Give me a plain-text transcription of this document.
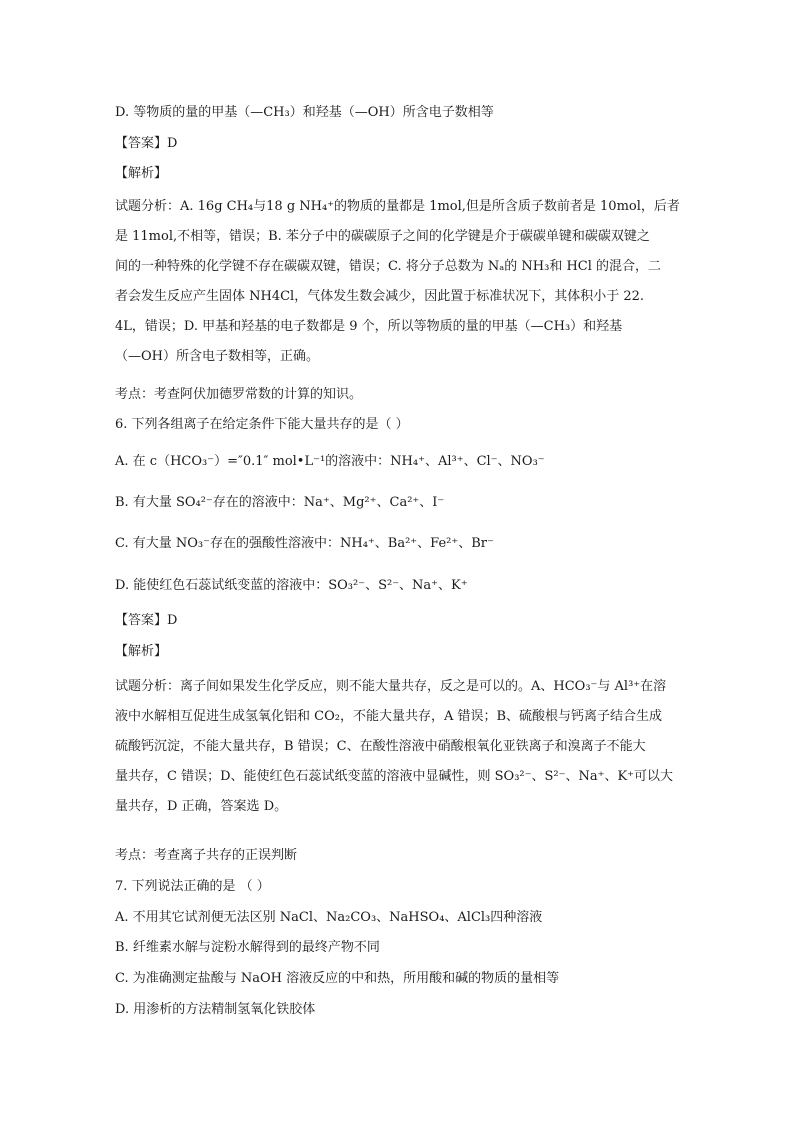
D. 等物质的量的甲基（—CH₃）和羟基（—OH）所含电子数相等
【答案】D
【解析】
试题分析：A. 16g CH₄与18 g NH₄⁺的物质的量都是 1mol,但是所含质子数前者是 10mol，后者
是 11mol,不相等，错误；B. 苯分子中的碳碳原子之间的化学键是介于碳碳单键和碳碳双键之
间的一种特殊的化学键不存在碳碳双键，错误；C. 将分子总数为 Nₐ的 NH₃和 HCl 的混合，二
者会发生反应产生固体 NH4Cl，气体发生数会减少，因此置于标准状况下，其体积小于 22.
4L，错误；D. 甲基和羟基的电子数都是 9 个，所以等物质的量的甲基（—CH₃）和羟基
（—OH）所含电子数相等，正确。
考点：考查阿伏加德罗常数的计算的知识。
6. 下列各组离子在给定条件下能大量共存的是（ ）
A. 在 c（HCO₃⁻）=″0.1″ mol•L⁻¹的溶液中：NH₄⁺、Al³⁺、Cl⁻、NO₃⁻
B. 有大量 SO₄²⁻存在的溶液中：Na⁺、Mg²⁺、Ca²⁺、I⁻
C. 有大量 NO₃⁻存在的强酸性溶液中：NH₄⁺、Ba²⁺、Fe²⁺、Br⁻
D. 能使红色石蕊试纸变蓝的溶液中：SO₃²⁻、S²⁻、Na⁺、K⁺
【答案】D
【解析】
试题分析：离子间如果发生化学反应，则不能大量共存，反之是可以的。A、HCO₃⁻与 Al³⁺在溶
液中水解相互促进生成氢氧化铝和 CO₂，不能大量共存，A 错误；B、硫酸根与钙离子结合生成
硫酸钙沉淀，不能大量共存，B 错误；C、在酸性溶液中硝酸根氧化亚铁离子和溴离子不能大
量共存，C 错误；D、能使红色石蕊试纸变蓝的溶液中显碱性，则 SO₃²⁻、S²⁻、Na⁺、K⁺可以大
量共存，D 正确，答案选 D。
考点：考查离子共存的正误判断
7. 下列说法正确的是 （ ）
A. 不用其它试剂便无法区别 NaCl、Na₂CO₃、NaHSO₄、AlCl₃四种溶液
B. 纤维素水解与淀粉水解得到的最终产物不同
C. 为准确测定盐酸与 NaOH 溶液反应的中和热，所用酸和碱的物质的量相等
D. 用渗析的方法精制氢氧化铁胶体
